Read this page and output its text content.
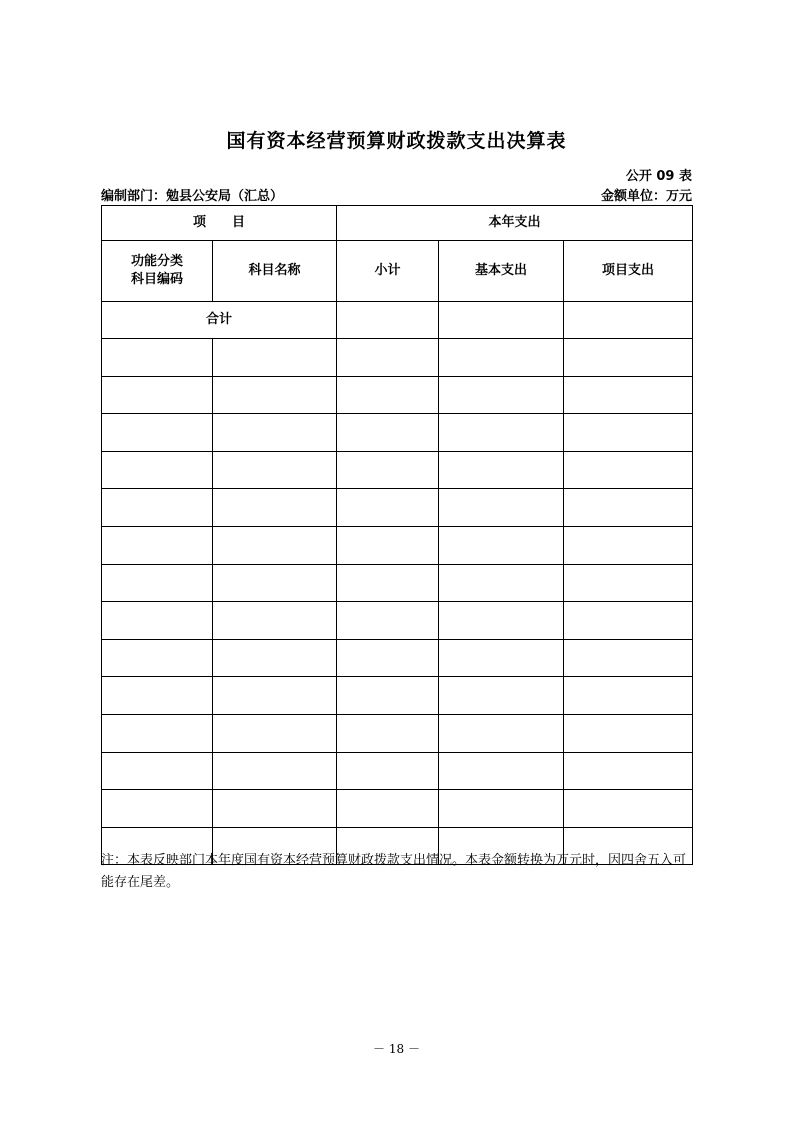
国有资本经营预算财政拨款支出决算表
公开 09 表
编制部门：勉县公安局（汇总）	金额单位：万元
项　　目		本年支出		

功能分类
科目编码	科目名称	小计	基本支出	项目支出
合计				

注：本表反映部门本年度国有资本经营预算财政拨款支出情况。本表金额转换为万元时，因四舍五入可能存在尾差。
－ 18 －
